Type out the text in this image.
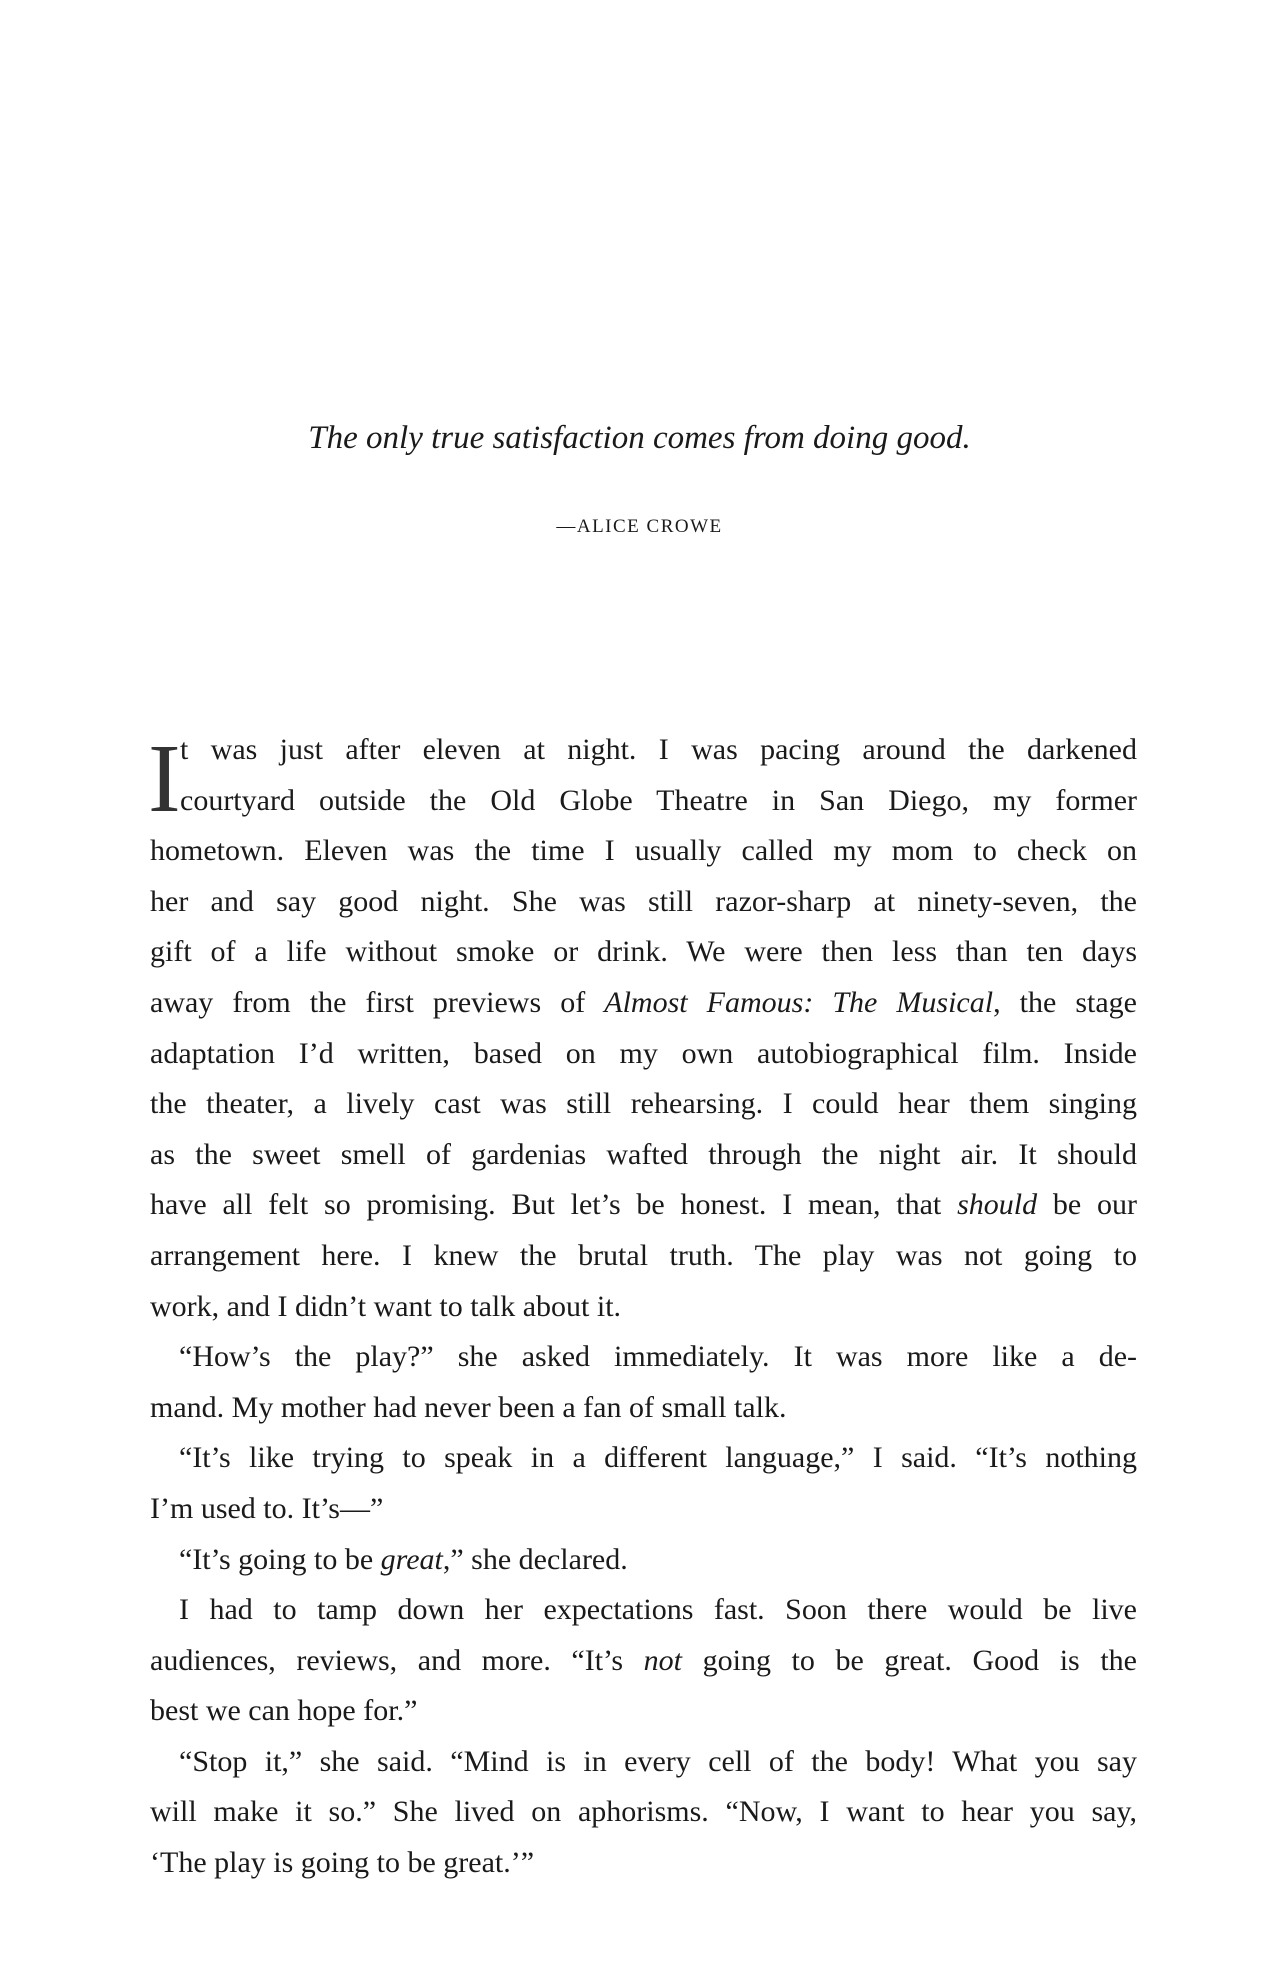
The only true satisfaction comes from doing good.
—ALICE CROWE
I t was just after eleven at night. I was pacing around the darkened
courtyard outside the Old Globe Theatre in San Diego, my former
hometown. Eleven was the time I usually called my mom to check on
her and say good night. She was still razor-sharp at ninety-seven, the
gift of a life without smoke or drink. We were then less than ten days
away from the first previews of Almost Famous: The Musical, the stage
adaptation I’d written, based on my own autobiographical film. Inside
the theater, a lively cast was still rehearsing. I could hear them singing
as the sweet smell of gardenias wafted through the night air. It should
have all felt so promising. But let’s be honest. I mean, that should be our
arrangement here. I knew the brutal truth. The play was not going to
work, and I didn’t want to talk about it.
“How’s the play?” she asked immediately. It was more like a de-
mand. My mother had never been a fan of small talk.
“It’s like trying to speak in a different language,” I said. “It’s nothing
I’m used to. It’s—”
“It’s going to be great,” she declared.
I had to tamp down her expectations fast. Soon there would be live
audiences, reviews, and more. “It’s not going to be great. Good is the
best we can hope for.”
“Stop it,” she said. “Mind is in every cell of the body! What you say
will make it so.” She lived on aphorisms. “Now, I want to hear you say,
‘The play is going to be great.’”
